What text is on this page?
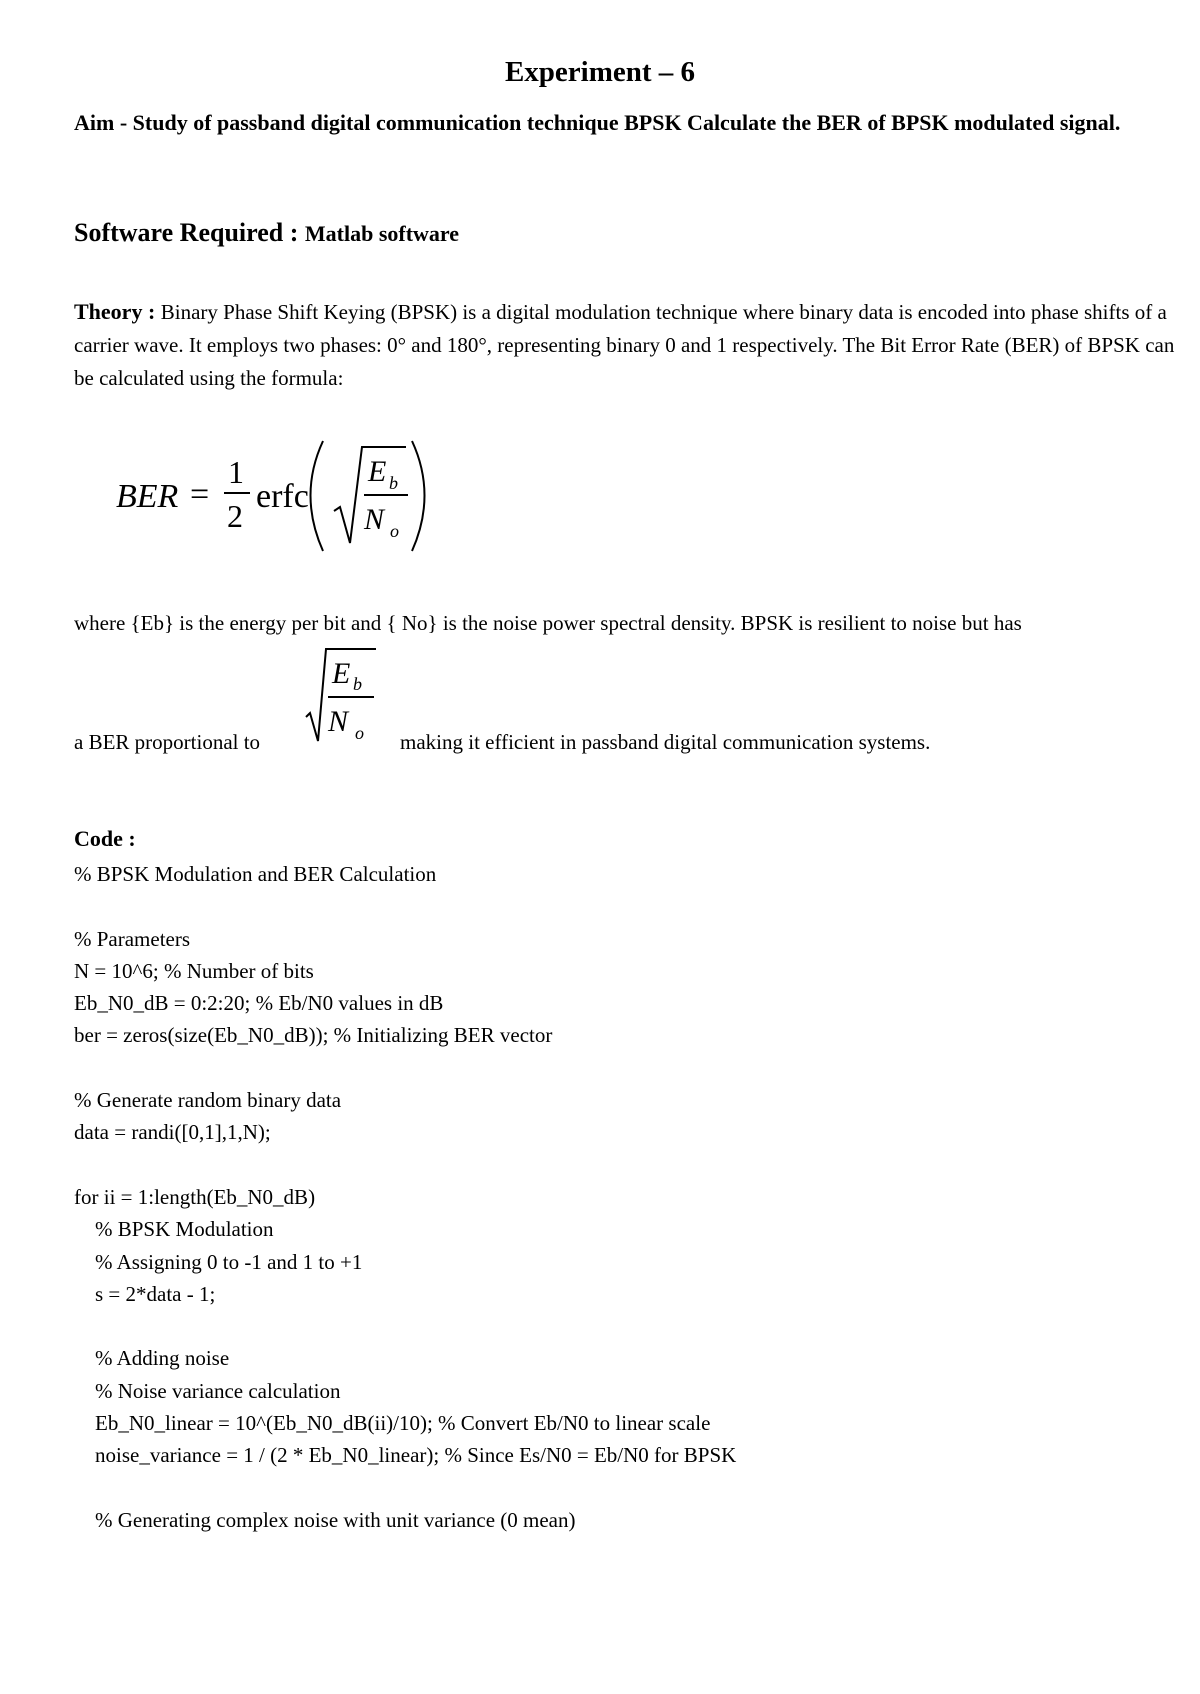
Experiment – 6
Aim - Study of passband digital communication technique BPSK Calculate the BER of BPSK modulated signal.
Software Required : Matlab software
Theory : Binary Phase Shift Keying (BPSK) is a digital modulation technique where binary data is encoded into phase shifts of a carrier wave. It employs two phases: 0° and 180°, representing binary 0 and 1 respectively. The Bit Error Rate (BER) of BPSK can be calculated using the formula:
BER =
1
2
erfc
E b
N o
where {Eb} is the energy per bit and { No} is the noise power spectral density. BPSK is resilient to noise but has
a BER proportional to
E b
N o making it efficient in passband digital communication systems.
Code :
% BPSK Modulation and BER Calculation

% Parameters
N = 10^6; % Number of bits
Eb_N0_dB = 0:2:20; % Eb/N0 values in dB
ber = zeros(size(Eb_N0_dB)); % Initializing BER vector

% Generate random binary data
data = randi([0,1],1,N);

for ii = 1:length(Eb_N0_dB)
% BPSK Modulation
% Assigning 0 to -1 and 1 to +1
s = 2*data - 1;

% Adding noise
% Noise variance calculation
Eb_N0_linear = 10^(Eb_N0_dB(ii)/10); % Convert Eb/N0 to linear scale
noise_variance = 1 / (2 * Eb_N0_linear); % Since Es/N0 = Eb/N0 for BPSK

% Generating complex noise with unit variance (0 mean)
